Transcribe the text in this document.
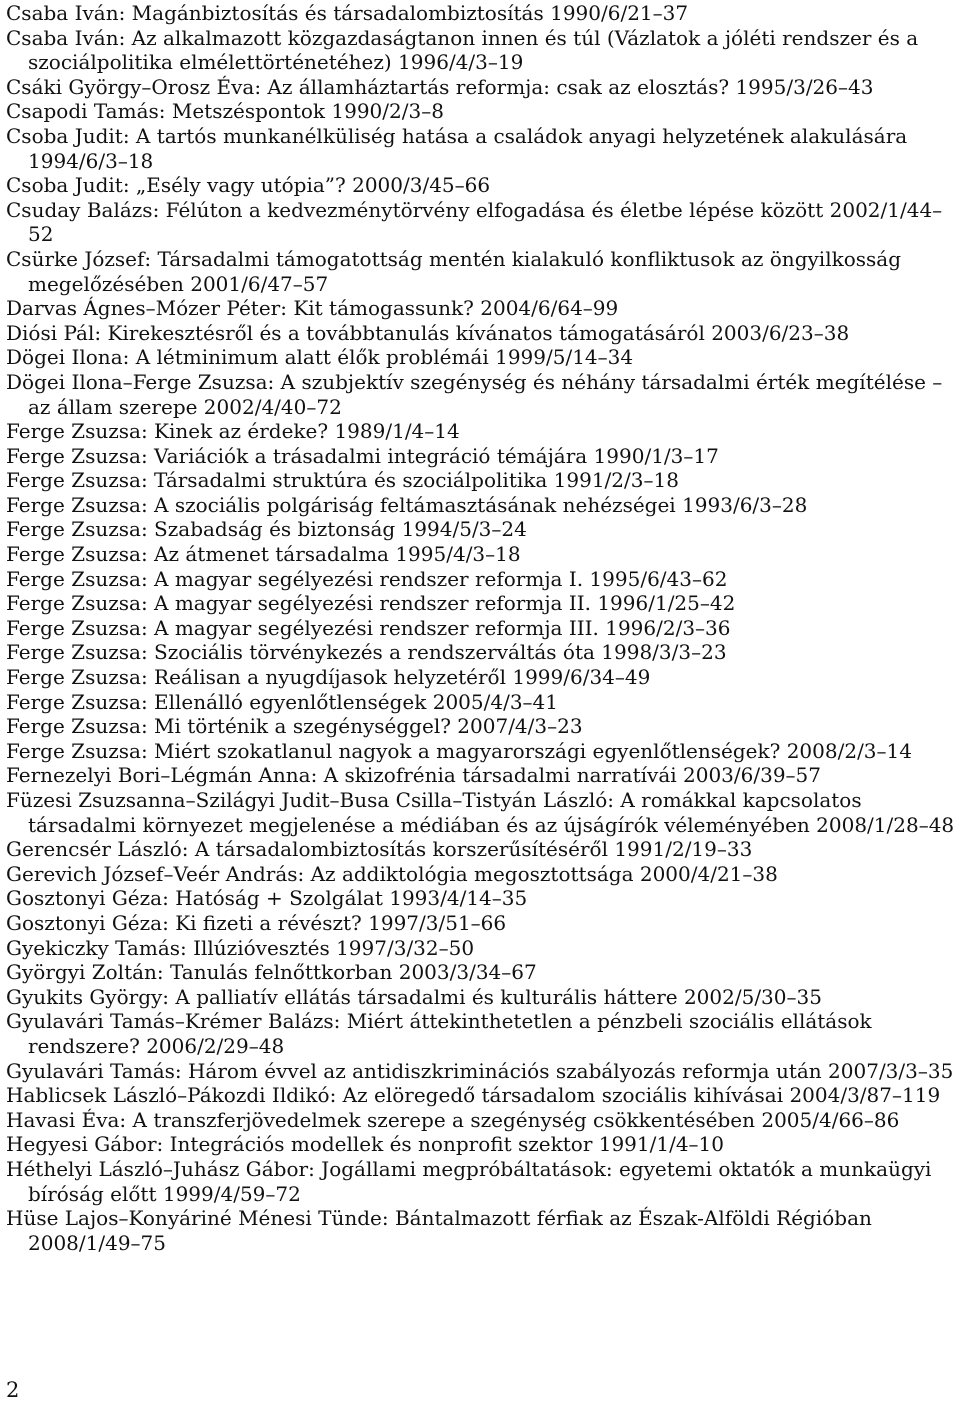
Csaba Iván: Magánbiztosítás és társadalombiztosítás 1990/6/21–37
Csaba Iván: Az alkalmazott közgazdaságtanon innen és túl (Vázlatok a jóléti rendszer és a szociálpolitika elmélettörténetéhez) 1996/4/3–19
Csáki György–Orosz Éva: Az államháztartás reformja: csak az elosztás? 1995/3/26–43
Csapodi Tamás: Metszéspontok 1990/2/3–8
Csoba Judit: A tartós munkanélküliség hatása a családok anyagi helyzetének alakulására 1994/6/3–18
Csoba Judit: „Esély vagy utópia”? 2000/3/45–66
Csuday Balázs: Félúton a kedvezménytörvény elfogadása és életbe lépése között 2002/1/44–52
Csürke József: Társadalmi támogatottság mentén kialakuló konfliktusok az öngyilkosság megelőzésében 2001/6/47–57
Darvas Ágnes–Mózer Péter: Kit támogassunk? 2004/6/64–99
Diósi Pál: Kirekesztésről és a továbbtanulás kívánatos támogatásáról 2003/6/23–38
Dögei Ilona: A létminimum alatt élők problémái 1999/5/14–34
Dögei Ilona–Ferge Zsuzsa: A szubjektív szegénység és néhány társadalmi érték megítélése – az állam szerepe 2002/4/40–72
Ferge Zsuzsa: Kinek az érdeke? 1989/1/4–14
Ferge Zsuzsa: Variációk a trásadalmi integráció témájára 1990/1/3–17
Ferge Zsuzsa: Társadalmi struktúra és szociálpolitika 1991/2/3–18
Ferge Zsuzsa: A szociális polgáriság feltámasztásának nehézségei 1993/6/3–28
Ferge Zsuzsa: Szabadság és biztonság 1994/5/3–24
Ferge Zsuzsa: Az átmenet társadalma 1995/4/3–18
Ferge Zsuzsa: A magyar segélyezési rendszer reformja I. 1995/6/43–62
Ferge Zsuzsa: A magyar segélyezési rendszer reformja II. 1996/1/25–42
Ferge Zsuzsa: A magyar segélyezési rendszer reformja III. 1996/2/3–36
Ferge Zsuzsa: Szociális törvénykezés a rendszerváltás óta 1998/3/3–23
Ferge Zsuzsa: Reálisan a nyugdíjasok helyzetéről 1999/6/34–49
Ferge Zsuzsa: Ellenálló egyenlőtlenségek 2005/4/3–41
Ferge Zsuzsa: Mi történik a szegénységgel? 2007/4/3–23
Ferge Zsuzsa: Miért szokatlanul nagyok a magyarországi egyenlőtlenségek? 2008/2/3–14
Fernezelyi Bori–Légmán Anna: A skizofrénia társadalmi narratívái 2003/6/39–57
Füzesi Zsuzsanna–Szilágyi Judit–Busa Csilla–Tistyán László: A romákkal kapcsolatos társadalmi környezet megjelenése a médiában és az újságírók véleményében 2008/1/28–48
Gerencsér László: A társadalombiztosítás korszerűsítéséről 1991/2/19–33
Gerevich József–Veér András: Az addiktológia megosztottsága 2000/4/21–38
Gosztonyi Géza: Hatóság + Szolgálat 1993/4/14–35
Gosztonyi Géza: Ki fizeti a révészt? 1997/3/51–66
Gyekiczky Tamás: Illúzióvesztés 1997/3/32–50
Györgyi Zoltán: Tanulás felnőttkorban 2003/3/34–67
Gyukits György: A palliatív ellátás társadalmi és kulturális háttere 2002/5/30–35
Gyulavári Tamás–Krémer Balázs: Miért áttekinthetetlen a pénzbeli szociális ellátások rendszere? 2006/2/29–48
Gyulavári Tamás: Három évvel az antidiszkriminációs szabályozás reformja után 2007/3/3–35
Hablicsek László–Pákozdi Ildikó: Az elöregedő társadalom szociális kihívásai 2004/3/87–119
Havasi Éva: A transzferjövedelmek szerepe a szegénység csökkentésében 2005/4/66–86
Hegyesi Gábor: Integrációs modellek és nonprofit szektor 1991/1/4–10
Héthelyi László–Juhász Gábor: Jogállami megpróbáltatások: egyetemi oktatók a munkaügyi bíróság előtt 1999/4/59–72
Hüse Lajos–Konyáriné Ménesi Tünde: Bántalmazott férfiak az Észak-Alföldi Régióban 2008/1/49–75
2
